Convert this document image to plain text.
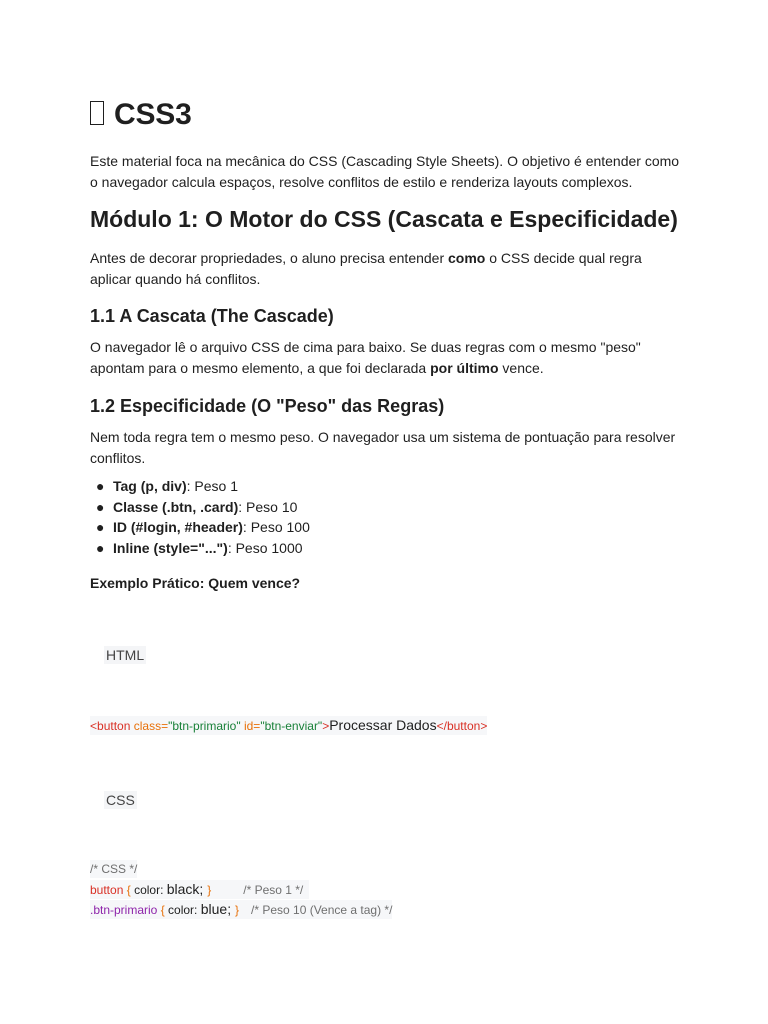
CSS3

Este material foca na mecânica do CSS (Cascading Style Sheets). O objetivo é entender como o navegador calcula espaços, resolve conflitos de estilo e renderiza layouts complexos.

Módulo 1: O Motor do CSS (Cascata e Especificidade)

Antes de decorar propriedades, o aluno precisa entender como o CSS decide qual regra aplicar quando há conflitos.

1.1 A Cascata (The Cascade)

O navegador lê o arquivo CSS de cima para baixo. Se duas regras com o mesmo "peso" apontam para o mesmo elemento, a que foi declarada por último vence.

1.2 Especificidade (O "Peso" das Regras)

Nem toda regra tem o mesmo peso. O navegador usa um sistema de pontuação para resolver conflitos.

● Tag (p, div): Peso 1
● Classe (.btn, .card): Peso 10
● ID (#login, #header): Peso 100
● Inline (style="..."): Peso 1000

Exemplo Prático: Quem vence?

HTML
<button class="btn-primario" id="btn-enviar">Processar Dados</button>
CSS
/* CSS */
button { color: black; }	/* Peso 1 */
.btn-primario { color: blue; } /* Peso 10 (Vence a tag) */
